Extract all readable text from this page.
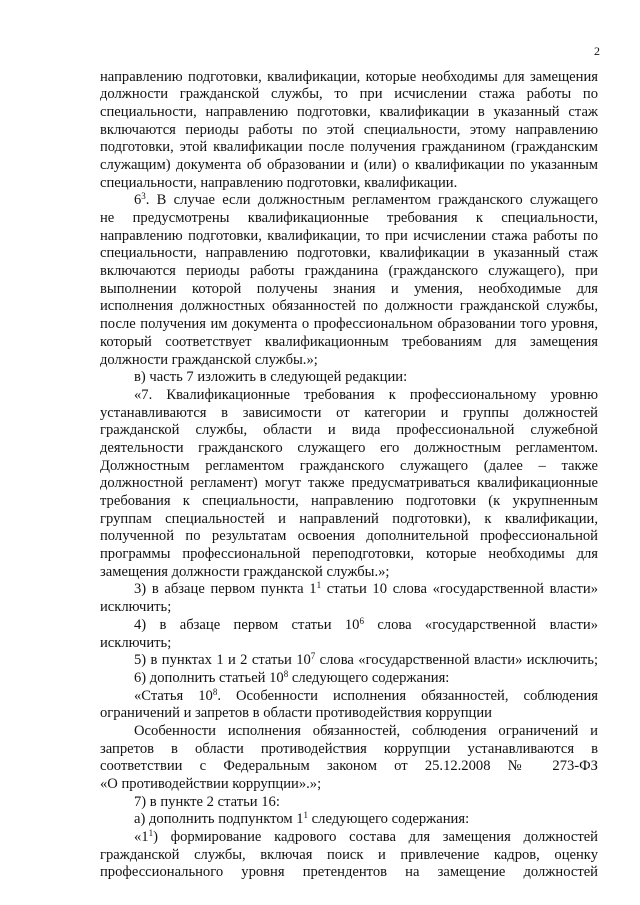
2
направлению подготовки, квалификации, которые необходимы для замещения
должности гражданской службы, то при исчислении стажа работы по
специальности, направлению подготовки, квалификации в указанный стаж
включаются периоды работы по этой специальности, этому направлению
подготовки, этой квалификации после получения гражданином (гражданским
служащим) документа об образовании и (или) о квалификации по указанным
специальности, направлению подготовки, квалификации.
$6^3$. В случае если должностным регламентом гражданского служащего
не предусмотрены квалификационные требования к специальности,
направлению подготовки, квалификации, то при исчислении стажа работы по
специальности, направлению подготовки, квалификации в указанный стаж
включаются периоды работы гражданина (гражданского служащего), при
выполнении которой получены знания и умения, необходимые для
исполнения должностных обязанностей по должности гражданской службы,
после получения им документа о профессиональном образовании того уровня,
который соответствует квалификационным требованиям для замещения
должности гражданской службы.»;
в) часть 7 изложить в следующей редакции:
«7. Квалификационные требования к профессиональному уровню
устанавливаются в зависимости от категории и группы должностей
гражданской службы, области и вида профессиональной служебной
деятельности гражданского служащего его должностным регламентом.
Должностным регламентом гражданского служащего (далее – также
должностной регламент) могут также предусматриваться квалификационные
требования к специальности, направлению подготовки (к укрупненным
группам специальностей и направлений подготовки), к квалификации,
полученной по результатам освоения дополнительной профессиональной
программы профессиональной переподготовки, которые необходимы для
замещения должности гражданской службы.»;
3) в абзаце первом пункта $1^1$ статьи 10 слова «государственной власти»
исключить;
4) в абзаце первом статьи $10^6$ слова «государственной власти»
исключить;
5) в пунктах 1 и 2 статьи $10^7$ слова «государственной власти» исключить;
6) дополнить статьей $10^8$ следующего содержания:
«Статья $10^8$. Особенности исполнения обязанностей, соблюдения
ограничений и запретов в области противодействия коррупции
Особенности исполнения обязанностей, соблюдения ограничений и
запретов в области противодействия коррупции устанавливаются в
соответствии с Федеральным законом от 25.12.2008 № 273-ФЗ
«О противодействии коррупции».»;
7) в пункте 2 статьи 16:
а) дополнить подпунктом $1^1$ следующего содержания:
«$1^1$) формирование кадрового состава для замещения должностей
гражданской службы, включая поиск и привлечение кадров, оценку
профессионального уровня претендентов на замещение должностей
